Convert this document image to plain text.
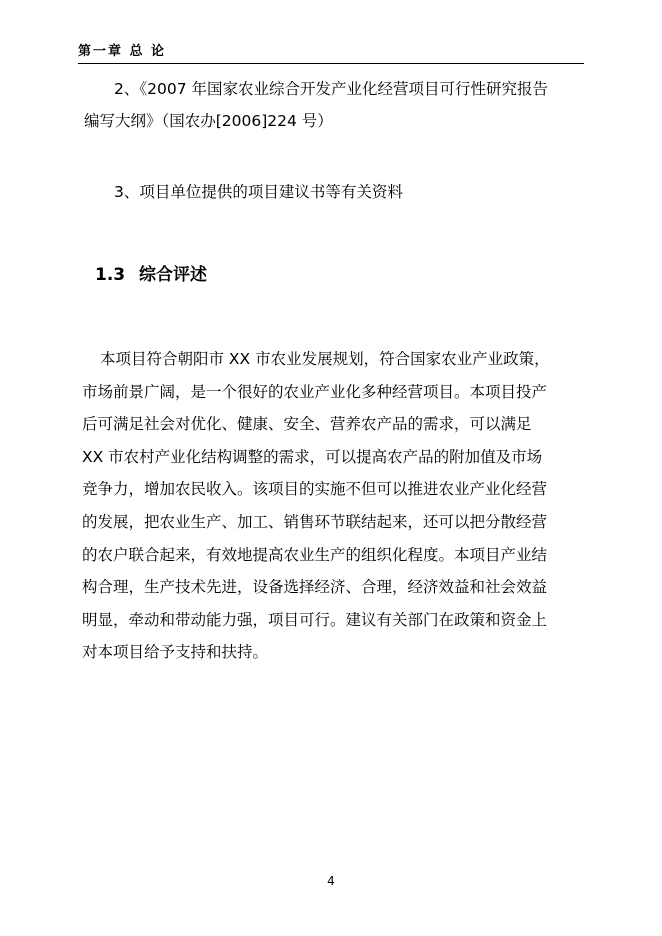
第一章 总 论
2、《2007 年国家农业综合开发产业化经营项目可行性研究报告
编写大纲》（国农办[2006]224 号）
3、项目单位提供的项目建议书等有关资料
1.3 综合评述
本项目符合朝阳市 XX 市农业发展规划，符合国家农业产业政策，
市场前景广阔，是一个很好的农业产业化多种经营项目。本项目投产
后可满足社会对优化、健康、安全、营养农产品的需求，可以满足
XX 市农村产业化结构调整的需求，可以提高农产品的附加值及市场
竞争力，增加农民收入。该项目的实施不但可以推进农业产业化经营
的发展，把农业生产、加工、销售环节联结起来，还可以把分散经营
的农户联合起来，有效地提高农业生产的组织化程度。本项目产业结
构合理，生产技术先进，设备选择经济、合理，经济效益和社会效益
明显，牵动和带动能力强，项目可行。建议有关部门在政策和资金上
对本项目给予支持和扶持。
4
